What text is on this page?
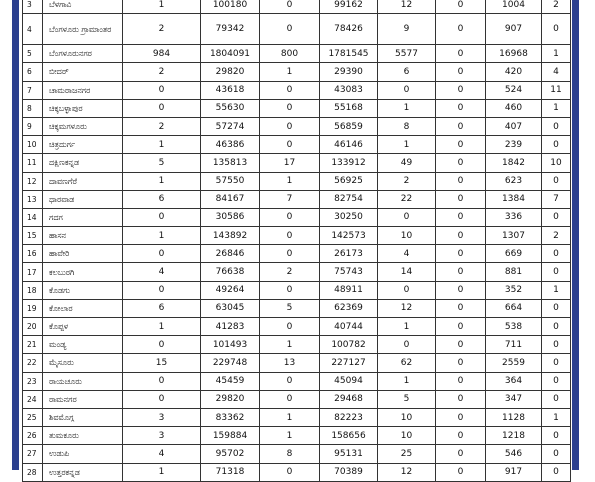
3	ಬೆಳಗಾವಿ	1	100180	0	99162	12	0	1004	2
4	ಬೆಂಗಳೂರು ಗ್ರಾಮಾಂತರ	2	79342	0	78426	9	0	907	0
5	ಬೆಂಗಳೂರುನಗರ	984	1804091	800	1781545	5577	0	16968	1
6	ಬೀದರ್	2	29820	1	29390	6	0	420	4
7	ಚಾಮರಾಜನಗರ	0	43618	0	43083	0	0	524	11
8	ಚಿಕ್ಕಬಳ್ಳಾಪುರ	0	55630	0	55168	1	0	460	1
9	ಚಿಕ್ಕಮಗಳೂರು	2	57274	0	56859	8	0	407	0
10	ಚಿತ್ರದುರ್ಗ	1	46386	0	46146	1	0	239	0
11	ದಕ್ಷಿಣಕನ್ನಡ	5	135813	17	133912	49	0	1842	10
12	ದಾವಣಗೆರೆ	1	57550	1	56925	2	0	623	0
13	ಧಾರವಾಡ	6	84167	7	82754	22	0	1384	7
14	ಗದಗ	0	30586	0	30250	0	0	336	0
15	ಹಾಸನ	1	143892	0	142573	10	0	1307	2
16	ಹಾವೇರಿ	0	26846	0	26173	4	0	669	0
17	ಕಲಬುರಗಿ	4	76638	2	75743	14	0	881	0
18	ಕೊಡಗು	0	49264	0	48911	0	0	352	1
19	ಕೋಲಾರ	6	63045	5	62369	12	0	664	0
20	ಕೊಪ್ಪಳ	1	41283	0	40744	1	0	538	0
21	ಮಂಡ್ಯ	0	101493	1	100782	0	0	711	0
22	ಮೈಸೂರು	15	229748	13	227127	62	0	2559	0
23	ರಾಯಚೂರು	0	45459	0	45094	1	0	364	0
24	ರಾಮನಗರ	0	29820	0	29468	5	0	347	0
25	ಶಿವಮೊಗ್ಗ	3	83362	1	82223	10	0	1128	1
26	ತುಮಕೂರು	3	159884	1	158656	10	0	1218	0
27	ಉಡುಪಿ	4	95702	8	95131	25	0	546	0
28	ಉತ್ತರಕನ್ನಡ	1	71318	0	70389	12	0	917	0
